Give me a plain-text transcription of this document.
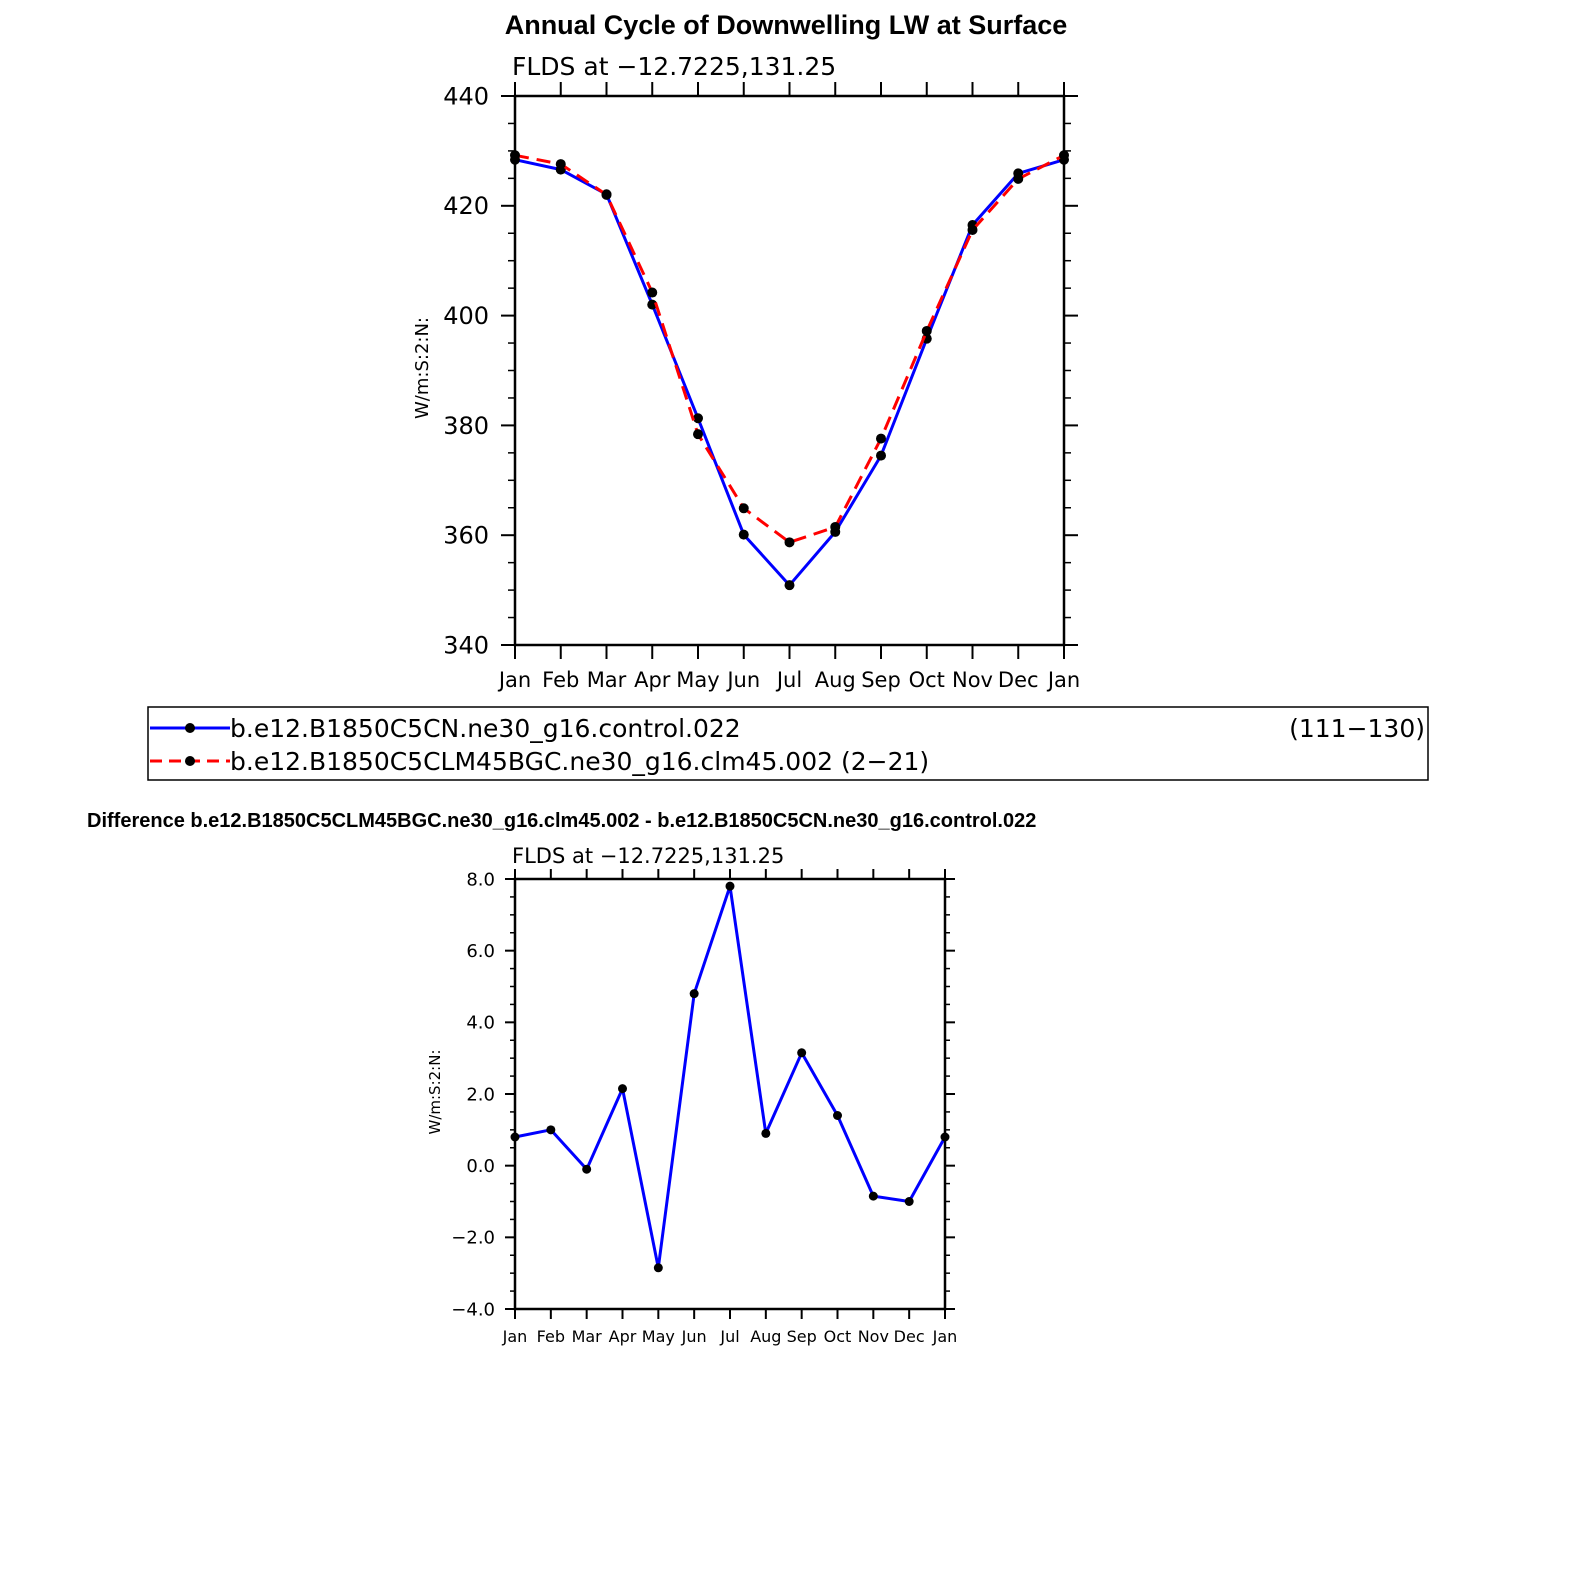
Annual Cycle of Downwelling LW at Surface
FLDS at −12.7225,131.25
Jan Feb Mar Apr May Jun Jul Aug Sep Oct Nov Dec Jan
340
360
380
400
420
440
W/m:S:2:N:
b.e12.B1850C5CN.ne30_g16.control.022	(111−130)
b.e12.B1850C5CLM45BGC.ne30_g16.clm45.002 (2−21)
Difference b.e12.B1850C5CLM45BGC.ne30_g16.clm45.002 - b.e12.B1850C5CN.ne30_g16.control.022
FLDS at −12.7225,131.25
Jan Feb Mar Apr May Jun Jul Aug Sep Oct Nov Dec Jan
−4.0
−2.0
0.0
2.0
4.0
6.0
8.0
W/m:S:2:N:
